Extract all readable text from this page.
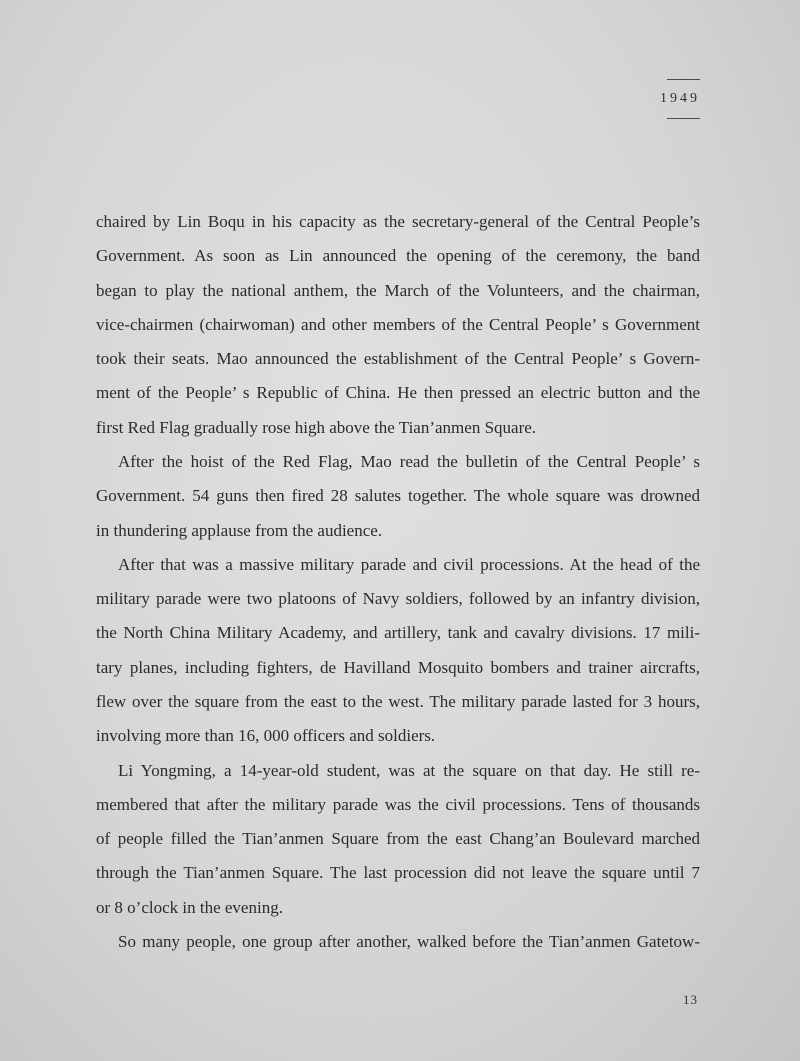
1949
chaired by Lin Boqu in his capacity as the secretary-general of the Central People’s
Government. As soon as Lin announced the opening of the ceremony, the band
began to play the national anthem, the March of the Volunteers, and the chairman,
vice-chairmen (chairwoman) and other members of the Central People’ s Government
took their seats. Mao announced the establishment of the Central People’ s Govern-
ment of the People’ s Republic of China. He then pressed an electric button and the
first Red Flag gradually rose high above the Tian’anmen Square.
After the hoist of the Red Flag, Mao read the bulletin of the Central People’ s
Government. 54 guns then fired 28 salutes together. The whole square was drowned
in thundering applause from the audience.
After that was a massive military parade and civil processions. At the head of the
military parade were two platoons of Navy soldiers, followed by an infantry division,
the North China Military Academy, and artillery, tank and cavalry divisions. 17 mili-
tary planes, including fighters, de Havilland Mosquito bombers and trainer aircrafts,
flew over the square from the east to the west. The military parade lasted for 3 hours,
involving more than 16, 000 officers and soldiers.
Li Yongming, a 14-year-old student, was at the square on that day. He still re-
membered that after the military parade was the civil processions. Tens of thousands
of people filled the Tian’anmen Square from the east Chang’an Boulevard marched
through the Tian’anmen Square. The last procession did not leave the square until 7
or 8 o’clock in the evening.
So many people, one group after another, walked before the Tian’anmen Gatetow-
13
